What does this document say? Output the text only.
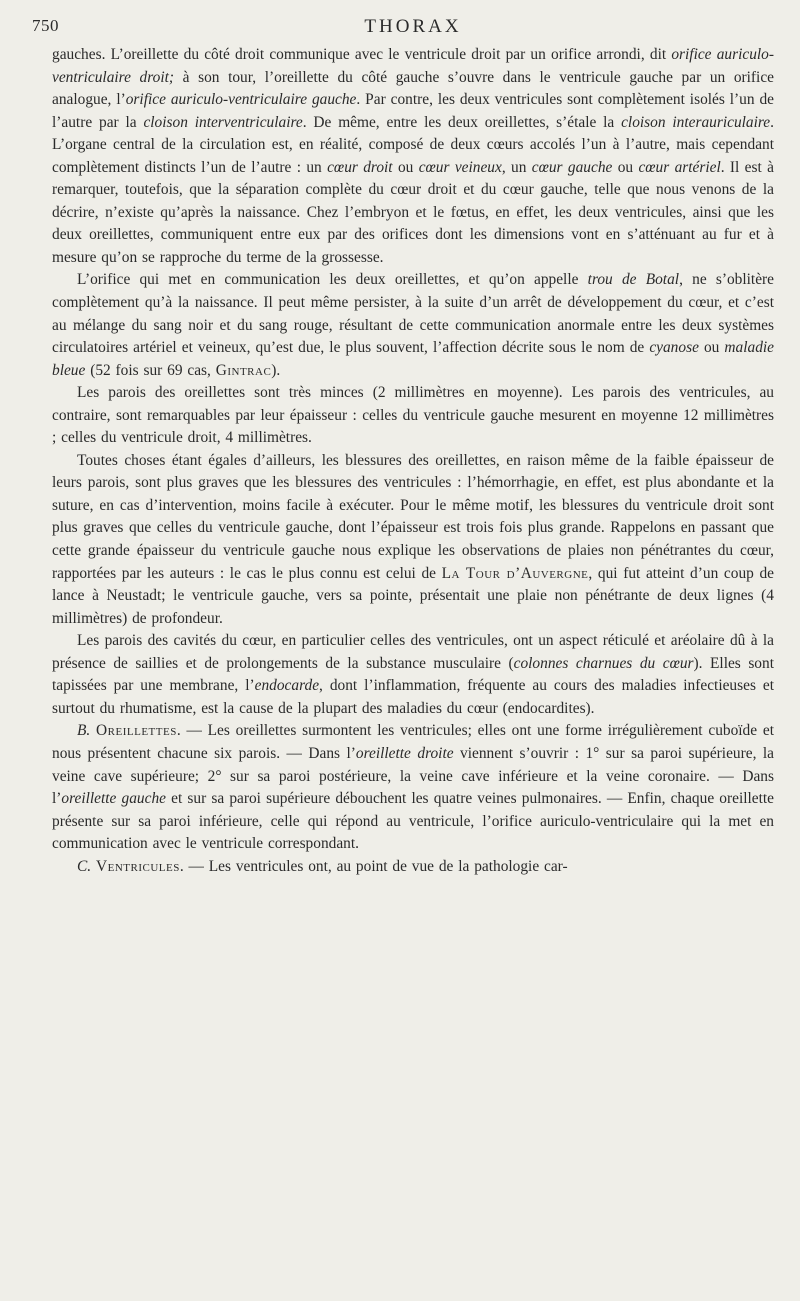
750	THORAX

gauches. L’oreillette du côté droit communique avec le ventricule droit par un orifice arrondi, dit orifice auriculo-ventriculaire droit; à son tour, l’oreillette du côté gauche s’ouvre dans le ventricule gauche par un orifice analogue, l’orifice auriculo-ventriculaire gauche. Par contre, les deux ventricules sont complètement isolés l’un de l’autre par la cloison interventriculaire. De même, entre les deux oreillettes, s’étale la cloison interauriculaire. L’organe central de la circulation est, en réalité, composé de deux cœurs accolés l’un à l’autre, mais cependant complètement distincts l’un de l’autre : un cœur droit ou cœur veineux, un cœur gauche ou cœur artériel. Il est à remarquer, toutefois, que la séparation complète du cœur droit et du cœur gauche, telle que nous venons de la décrire, n’existe qu’après la naissance. Chez l’embryon et le fœtus, en effet, les deux ventricules, ainsi que les deux oreillettes, communiquent entre eux par des orifices dont les dimensions vont en s’atténuant au fur et à mesure qu’on se rapproche du terme de la grossesse.

L’orifice qui met en communication les deux oreillettes, et qu’on appelle trou de Botal, ne s’oblitère complètement qu’à la naissance. Il peut même persister, à la suite d’un arrêt de développement du cœur, et c’est au mélange du sang noir et du sang rouge, résultant de cette communication anormale entre les deux systèmes circulatoires artériel et veineux, qu’est due, le plus souvent, l’affection décrite sous le nom de cyanose ou maladie bleue (52 fois sur 69 cas, Gintrac).

Les parois des oreillettes sont très minces (2 millimètres en moyenne). Les parois des ventricules, au contraire, sont remarquables par leur épaisseur : celles du ventricule gauche mesurent en moyenne 12 millimètres ; celles du ventricule droit, 4 millimètres.

Toutes choses étant égales d’ailleurs, les blessures des oreillettes, en raison même de la faible épaisseur de leurs parois, sont plus graves que les blessures des ventricules : l’hémorrhagie, en effet, est plus abondante et la suture, en cas d’intervention, moins facile à exécuter. Pour le même motif, les blessures du ventricule droit sont plus graves que celles du ventricule gauche, dont l’épaisseur est trois fois plus grande. Rappelons en passant que cette grande épaisseur du ventricule gauche nous explique les observations de plaies non pénétrantes du cœur, rapportées par les auteurs : le cas le plus connu est celui de La Tour d’Auvergne, qui fut atteint d’un coup de lance à Neustadt; le ventricule gauche, vers sa pointe, présentait une plaie non pénétrante de deux lignes (4 millimètres) de profondeur.

Les parois des cavités du cœur, en particulier celles des ventricules, ont un aspect réticulé et aréolaire dû à la présence de saillies et de prolongements de la substance musculaire (colonnes charnues du cœur). Elles sont tapissées par une membrane, l’endocarde, dont l’inflammation, fréquente au cours des maladies infectieuses et surtout du rhumatisme, est la cause de la plupart des maladies du cœur (endocardites).

B. Oreillettes. — Les oreillettes surmontent les ventricules; elles ont une forme irrégulièrement cuboïde et nous présentent chacune six parois. — Dans l’oreillette droite viennent s’ouvrir : 1° sur sa paroi supérieure, la veine cave supérieure; 2° sur sa paroi postérieure, la veine cave inférieure et la veine coronaire. — Dans l’oreillette gauche et sur sa paroi supérieure débouchent les quatre veines pulmonaires. — Enfin, chaque oreillette présente sur sa paroi inférieure, celle qui répond au ventricule, l’orifice auriculo-ventriculaire qui la met en communication avec le ventricule correspondant.

C. Ventricules. — Les ventricules ont, au point de vue de la pathologie car-
